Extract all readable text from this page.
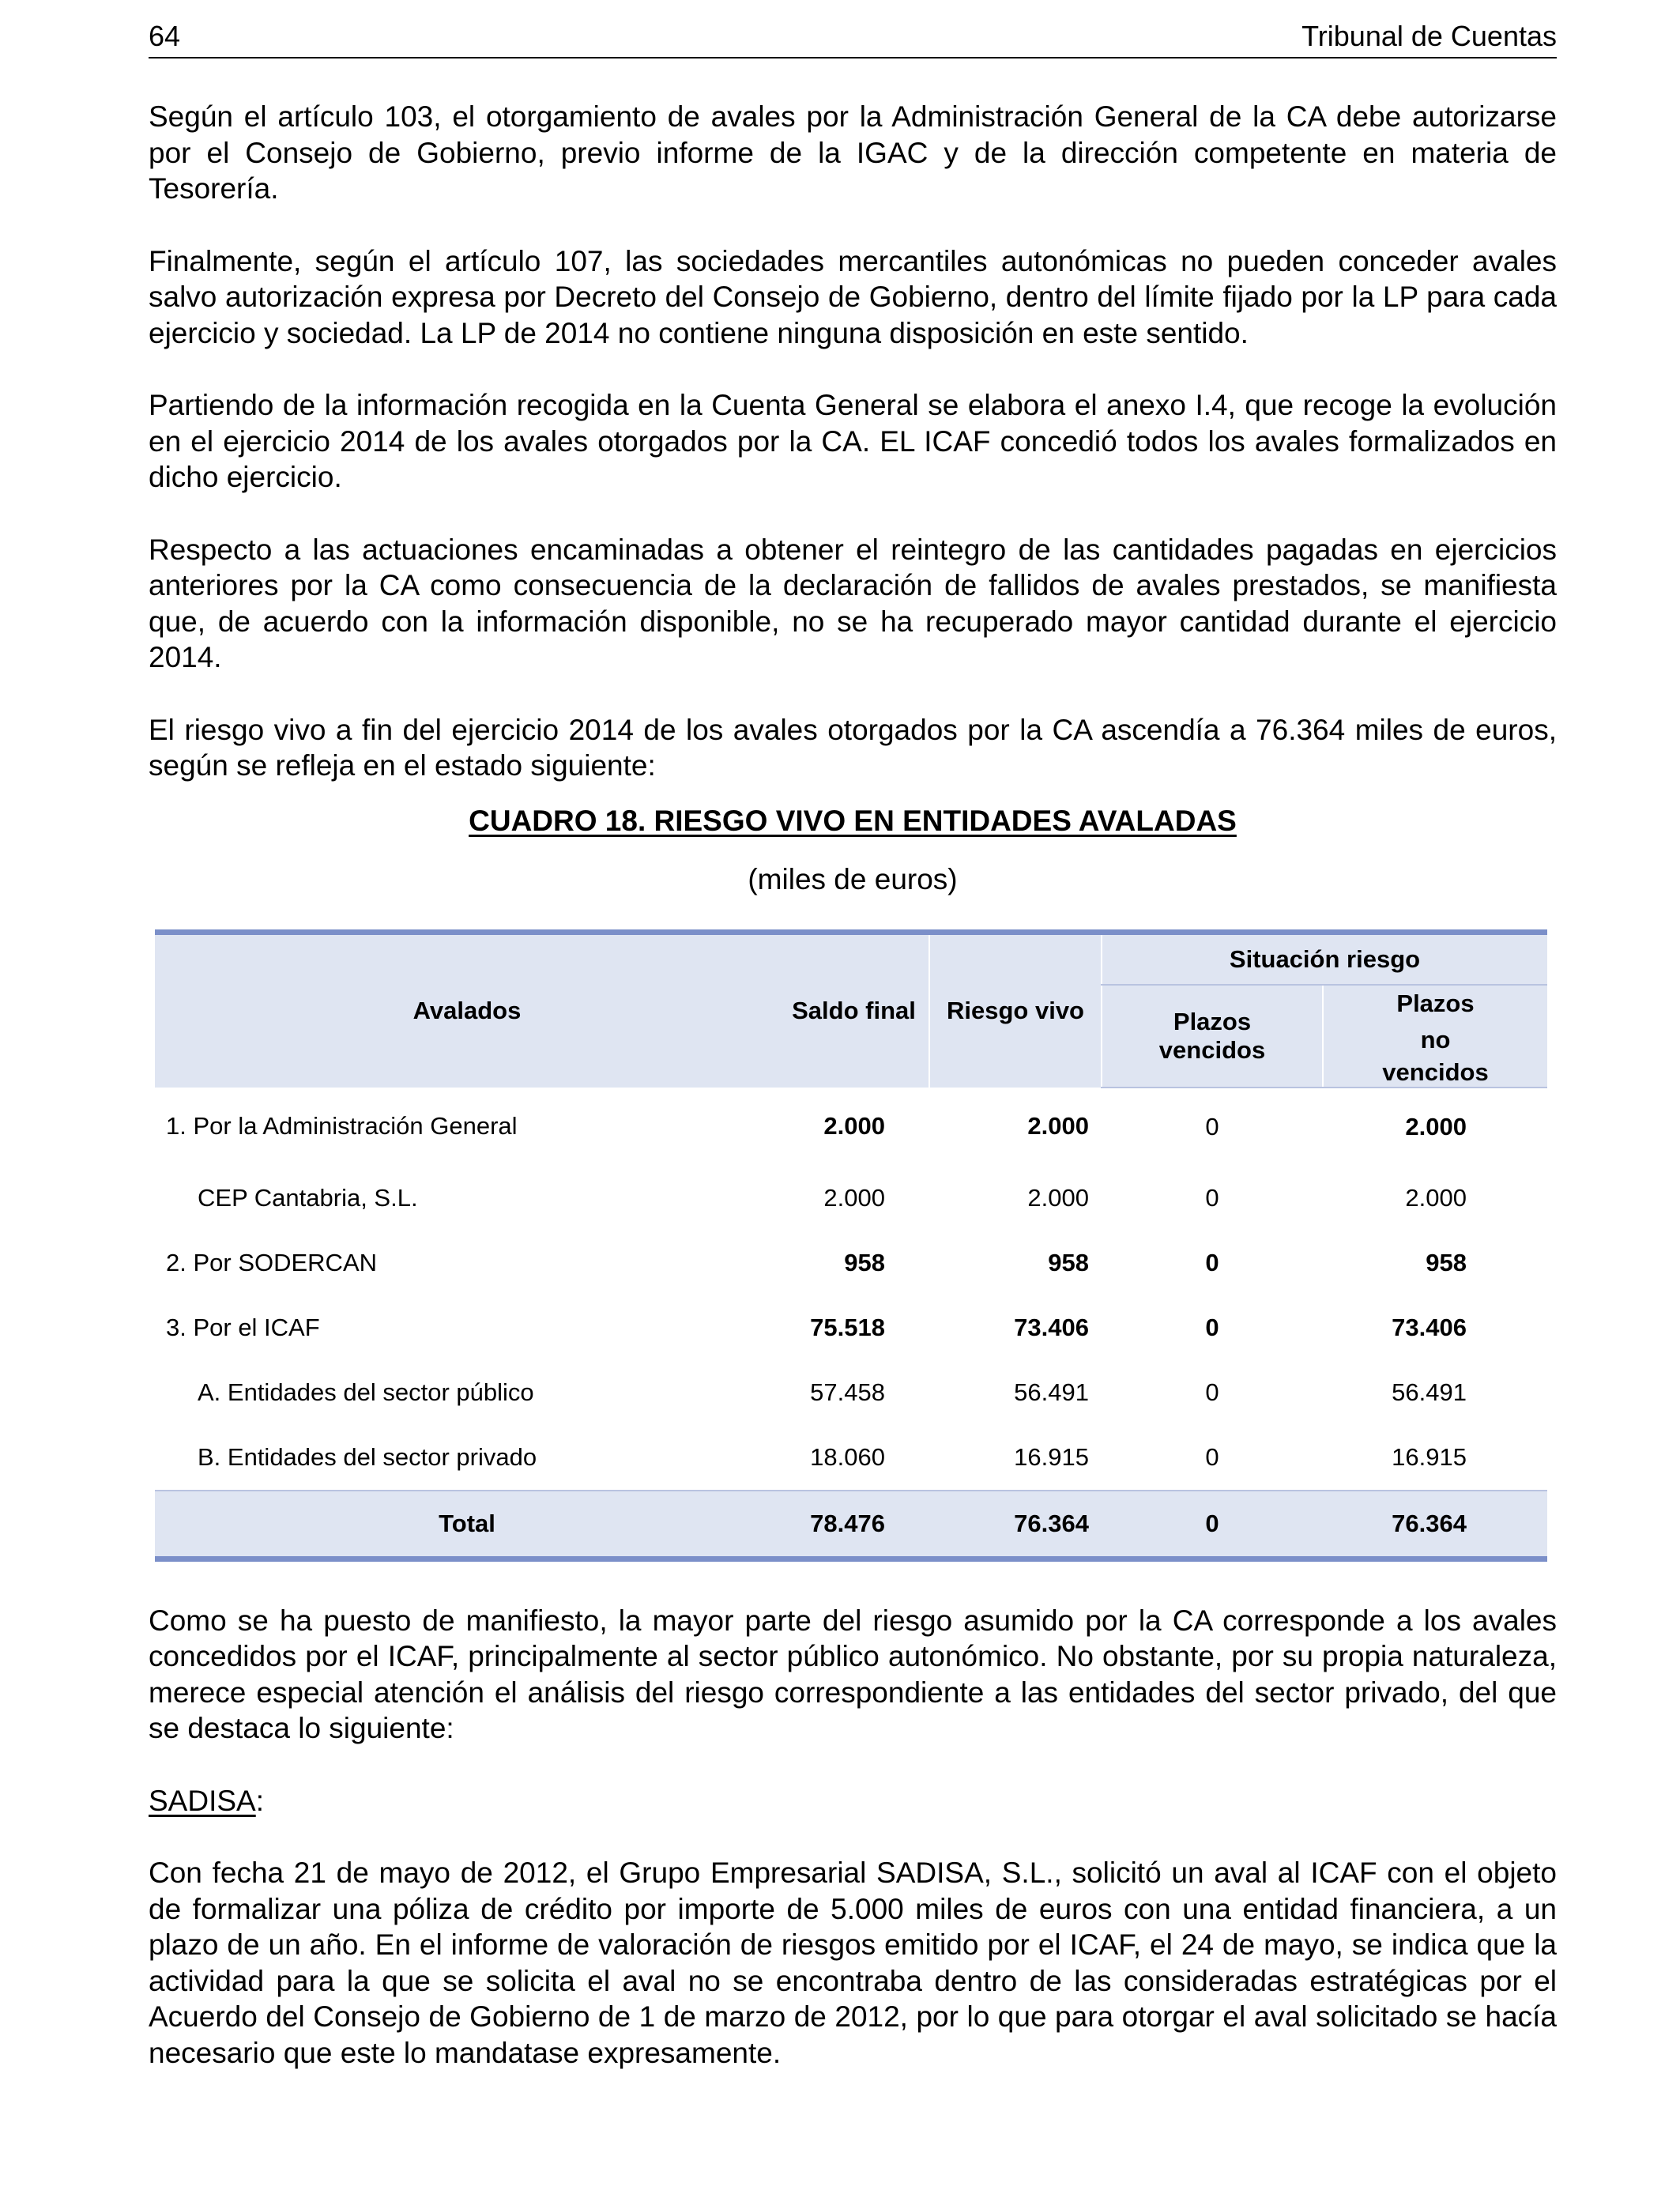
64	Tribunal de Cuentas

Según el artículo 103, el otorgamiento de avales por la Administración General de la CA debe autorizarse por el Consejo de Gobierno, previo informe de la IGAC y de la dirección competente en materia de Tesorería.

Finalmente, según el artículo 107, las sociedades mercantiles autonómicas no pueden conceder avales salvo autorización expresa por Decreto del Consejo de Gobierno, dentro del límite fijado por la LP para cada ejercicio y sociedad. La LP de 2014 no contiene ninguna disposición en este sentido.

Partiendo de la información recogida en la Cuenta General se elabora el anexo I.4, que recoge la evolución en el ejercicio 2014 de los avales otorgados por la CA. EL ICAF concedió todos los avales formalizados en dicho ejercicio.

Respecto a las actuaciones encaminadas a obtener el reintegro de las cantidades pagadas en ejercicios anteriores por la CA como consecuencia de la declaración de fallidos de avales prestados, se manifiesta que, de acuerdo con la información disponible, no se ha recuperado mayor cantidad durante el ejercicio 2014.

El riesgo vivo a fin del ejercicio 2014 de los avales otorgados por la CA ascendía a 76.364 miles de euros, según se refleja en el estado siguiente:

CUADRO 18. RIESGO VIVO EN ENTIDADES AVALADAS
(miles de euros)
Avalados	Saldo final	Riesgo vivo	Situación riesgo	
			Plazos vencidos	Plazos
no
vencidos

1. Por la Administración General	2.000	2.000	0	2.000
CEP Cantabria, S.L.	2.000	2.000	0	2.000
2. Por SODERCAN	958	958	0	958
3. Por el ICAF	75.518	73.406	0	73.406
A. Entidades del sector público	57.458	56.491	0	56.491
B. Entidades del sector privado	18.060	16.915	0	16.915
Total	78.476	76.364	0	76.364

Como se ha puesto de manifiesto, la mayor parte del riesgo asumido por la CA corresponde a los avales concedidos por el ICAF, principalmente al sector público autonómico. No obstante, por su propia naturaleza, merece especial atención el análisis del riesgo correspondiente a las entidades del sector privado, del que se destaca lo siguiente:

SADISA:

Con fecha 21 de mayo de 2012, el Grupo Empresarial SADISA, S.L., solicitó un aval al ICAF con el objeto de formalizar una póliza de crédito por importe de 5.000 miles de euros con una entidad financiera, a un plazo de un año. En el informe de valoración de riesgos emitido por el ICAF, el 24 de mayo, se indica que la actividad para la que se solicita el aval no se encontraba dentro de las consideradas estratégicas por el Acuerdo del Consejo de Gobierno de 1 de marzo de 2012, por lo que para otorgar el aval solicitado se hacía necesario que este lo mandatase expresamente.
